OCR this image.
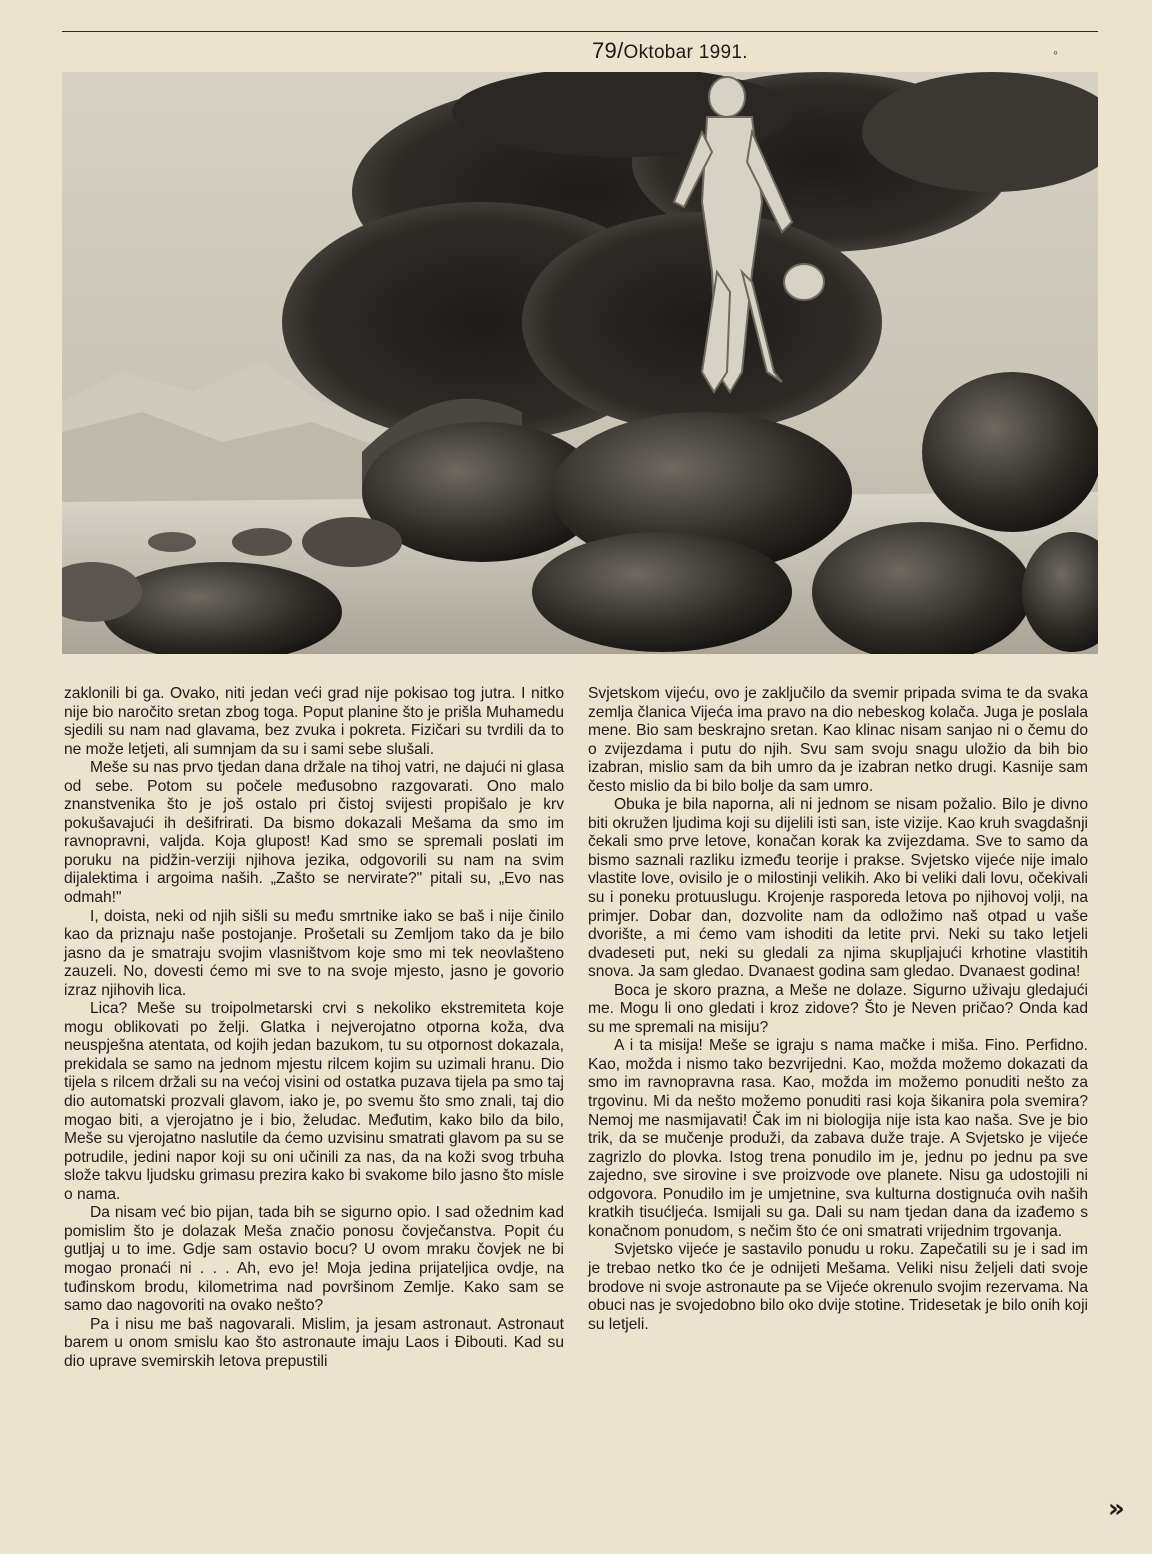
79/Oktobar 1991.	◦

zaklonili bi ga. Ovako, niti jedan veći grad nije pokisao tog jutra. I nitko nije bio naročito sretan zbog toga. Poput planine što je prišla Muhamedu sjedili su nam nad glavama, bez zvuka i pokreta. Fizičari su tvrdili da to ne može letjeti, ali sumnjam da su i sami sebe slušali.

Meše su nas prvo tjedan dana držale na tihoj vatri, ne dajući ni glasa od sebe. Potom su počele međusobno razgovarati. Ono malo znanstvenika što je još ostalo pri čistoj svijesti propišalo je krv pokušavajući ih dešifrirati. Da bismo dokazali Mešama da smo im ravnopravni, valjda. Koja glupost! Kad smo se spremali poslati im poruku na pidžin-verziji njihova jezika, odgovorili su nam na svim dijalektima i argoima naših. „Zašto se nervirate?" pitali su, „Evo nas odmah!"

I, doista, neki od njih sišli su među smrtnike iako se baš i nije činilo kao da priznaju naše postojanje. Prošetali su Zemljom tako da je bilo jasno da je smatraju svojim vlasništvom koje smo mi tek neovlašteno zauzeli. No, dovesti ćemo mi sve to na svoje mjesto, jasno je govorio izraz njihovih lica.

Lica? Meše su troipolmetarski crvi s nekoliko ekstremiteta koje mogu oblikovati po želji. Glatka i nejverojatno otporna koža, dva neuspješna atentata, od kojih jedan bazukom, tu su otpornost dokazala, prekidala se samo na jednom mjestu rilcem kojim su uzimali hranu. Dio tijela s rilcem držali su na većoj visini od ostatka puzava tijela pa smo taj dio automatski prozvali glavom, iako je, po svemu što smo znali, taj dio mogao biti, a vjerojatno je i bio, želudac. Međutim, kako bilo da bilo, Meše su vjerojatno naslutile da ćemo uzvisinu smatrati glavom pa su se potrudile, jedini napor koji su oni učinili za nas, da na koži svog trbuha slože takvu ljudsku grimasu prezira kako bi svakome bilo jasno što misle o nama.

Da nisam već bio pijan, tada bih se sigurno opio. I sad ožednim kad pomislim što je dolazak Meša značio ponosu čovječanstva. Popit ću gutljaj u to ime. Gdje sam ostavio bocu? U ovom mraku čovjek ne bi mogao pronaći ni . . . Ah, evo je! Moja jedina prijateljica ovdje, na tuđinskom brodu, kilometrima nad površinom Zemlje. Kako sam se samo dao nagovoriti na ovako nešto?

Pa i nisu me baš nagovarali. Mislim, ja jesam astronaut. Astronaut barem u onom smislu kao što astronaute imaju Laos i Đibouti. Kad su dio uprave svemirskih letova prepustili

Svjetskom vijeću, ovo je zaključilo da svemir pripada svima te da svaka zemlja članica Vijeća ima pravo na dio nebeskog kolača. Juga je poslala mene. Bio sam beskrajno sretan. Kao klinac nisam sanjao ni o čemu do o zvijezdama i putu do njih. Svu sam svoju snagu uložio da bih bio izabran, mislio sam da bih umro da je izabran netko drugi. Kasnije sam često mislio da bi bilo bolje da sam umro.

Obuka je bila naporna, ali ni jednom se nisam požalio. Bilo je divno biti okružen ljudima koji su dijelili isti san, iste vizije. Kao kruh svagdašnji čekali smo prve letove, konačan korak ka zvijezdama. Sve to samo da bismo saznali razliku između teorije i prakse. Svjetsko vijeće nije imalo vlastite love, ovisilo je o milostinji velikih. Ako bi veliki dali lovu, očekivali su i poneku protuuslugu. Krojenje rasporeda letova po njihovoj volji, na primjer. Dobar dan, dozvolite nam da odložimo naš otpad u vaše dvorište, a mi ćemo vam ishoditi da letite prvi. Neki su tako letjeli dvadeseti put, neki su gledali za njima skupljajući krhotine vlastitih snova. Ja sam gledao. Dvanaest godina sam gledao. Dvanaest godina!

Boca je skoro prazna, a Meše ne dolaze. Sigurno uživaju gledajući me. Mogu li ono gledati i kroz zidove? Što je Neven pričao? Onda kad su me spremali na misiju?

A i ta misija! Meše se igraju s nama mačke i miša. Fino. Perfidno. Kao, možda i nismo tako bezvrijedni. Kao, možda možemo dokazati da smo im ravnopravna rasa. Kao, možda im možemo ponuditi nešto za trgovinu. Mi da nešto možemo ponuditi rasi koja šikanira pola svemira? Nemoj me nasmijavati! Čak im ni biologija nije ista kao naša. Sve je bio trik, da se mučenje produži, da zabava duže traje. A Svjetsko je vijeće zagrizlo do plovka. Istog trena ponudilo im je, jednu po jednu pa sve zajedno, sve sirovine i sve proizvode ove planete. Nisu ga udostojili ni odgovora. Ponudilo im je umjetnine, sva kulturna dostignuća ovih naših kratkih tisućljeća. Ismijali su ga. Dali su nam tjedan dana da izađemo s konačnom ponudom, s nečim što će oni smatrati vrijednim trgovanja.

Svjetsko vijeće je sastavilo ponudu u roku. Zapečatili su je i sad im je trebao netko tko će je odnijeti Mešama. Veliki nisu željeli dati svoje brodove ni svoje astronaute pa se Vijeće okrenulo svojim rezervama. Na obuci nas je svojedobno bilo oko dvije stotine. Tridesetak je bilo onih koji su letjeli.

»
